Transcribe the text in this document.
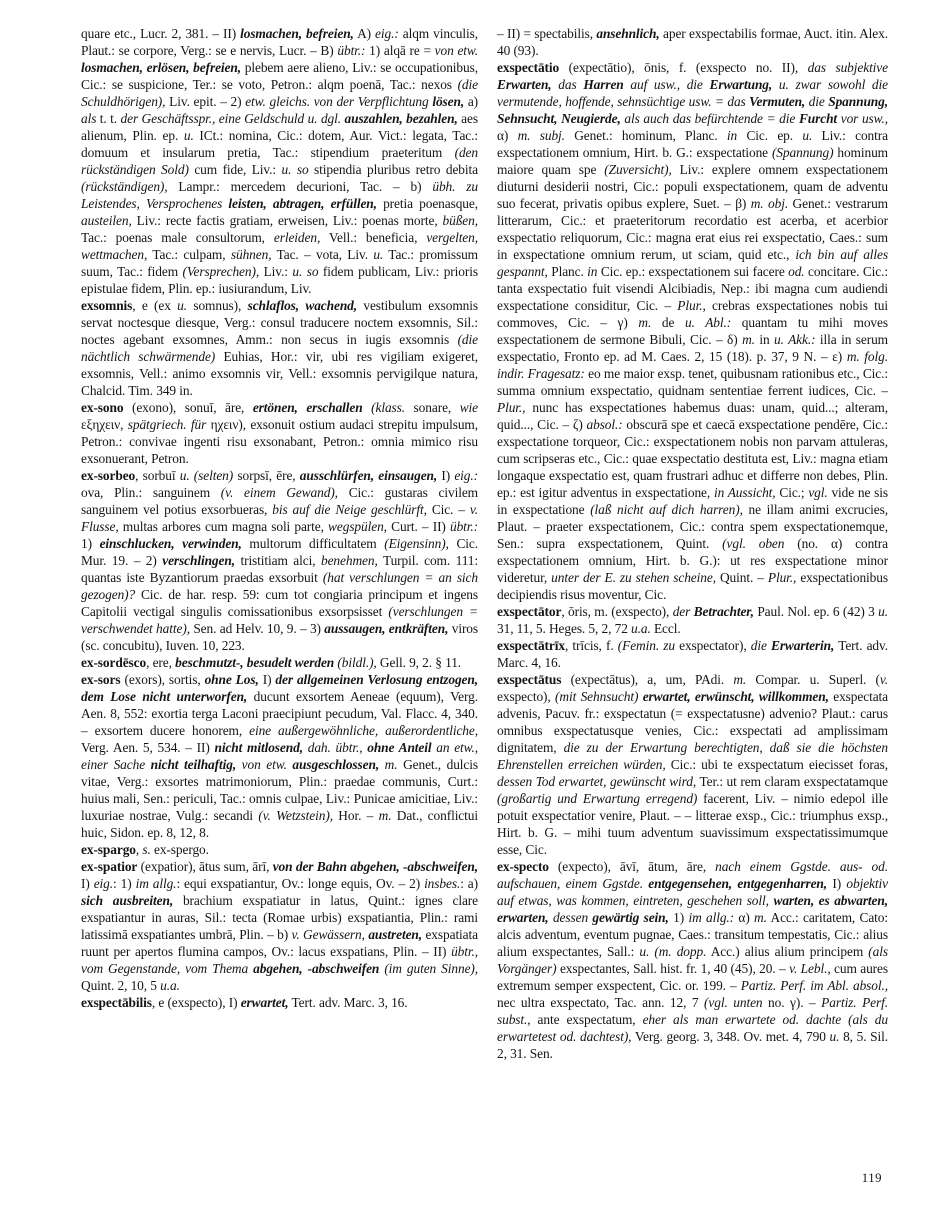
quare etc., Lucr. 2, 381. – II) losmachen, befreien, A) eig.: alqm vinculis, Plaut.: se corpore, Verg.: se e nervis, Lucr. – B) übtr.: 1) alqā re = von etw. losmachen, erlösen, befreien, plebem aere alieno, Liv.: se occupationibus, Cic.: se suspicione, Ter.: se voto, Petron.: alqm poenā, Tac.: nexos (die Schuldhörigen), Liv. epit. – 2) etw. gleichs. von der Verpflichtung lösen, a) als t. t. der Geschäftsspr., eine Geldschuld u. dgl. auszahlen, bezahlen, aes alienum, Plin. ep. u. ICt.: nomina, Cic.: dotem, Aur. Vict.: legata, Tac.: domuum et insularum pretia, Tac.: stipendium praeteritum (den rückständigen Sold) cum fide, Liv.: u. so stipendia pluribus retro debita (rückständigen), Lampr.: mercedem decurioni, Tac. – b) übh. zu Leistendes, Versprochenes leisten, abtragen, erfüllen, pretia poenasque, austeilen, Liv.: recte factis gratiam, erweisen, Liv.: poenas morte, büßen, Tac.: poenas male consultorum, erleiden, Vell.: beneficia, vergelten, wettmachen, Tac.: culpam, sühnen, Tac. – vota, Liv. u. Tac.: promissum suum, Tac.: fidem (Versprechen), Liv.: u. so fidem publicam, Liv.: prioris epistulae fidem, Plin. ep.: iusiurandum, Liv.

exsomnis, e (ex u. somnus), schlaflos, wachend, vestibulum exsomnis servat noctesque diesque, Verg.: consul traducere noctem exsomnis, Sil.: noctes agebant exsomnes, Amm.: non secus in iugis exsomnis (die nächtlich schwärmende) Euhias, Hor.: vir, ubi res vigiliam exigeret, exsomnis, Vell.: animo exsomnis vir, Vell.: exsomnis pervigilque natura, Chalcid. Tim. 349 in.

ex-sono (exono), sonuī, āre, ertönen, erschallen (klass. sonare, wie εξηχειν, spätgriech. für ηχειν), exsonuit ostium audaci strepitu impulsum, Petron.: convivae ingenti risu exsonabant, Petron.: omnia mimico risu exsonuerant, Petron.

ex-sorbeo, sorbuī u. (selten) sorpsī, ēre, ausschlürfen, einsaugen, I) eig.: ova, Plin.: sanguinem (v. einem Gewand), Cic.: gustaras civilem sanguinem vel potius exsorbueras, bis auf die Neige geschlürft, Cic. – v. Flusse, multas arbores cum magna soli parte, wegspülen, Curt. – II) übtr.: 1) einschlucken, verwinden, multorum difficultatem (Eigensinn), Cic. Mur. 19. – 2) verschlingen, tristitiam alci, benehmen, Turpil. com. 111: quantas iste Byzantiorum praedas exsorbuit (hat verschlungen = an sich gezogen)? Cic. de har. resp. 59: cum tot congiaria principum et ingens Capitolii vectigal singulis comissationibus exsorpsisset (verschlungen = verschwendet hatte), Sen. ad Helv. 10, 9. – 3) aussaugen, entkräften, viros (sc. concubitu), Iuven. 10, 223.

ex-sordēsco, ere, beschmutzt-, besudelt werden (bildl.), Gell. 9, 2. § 11.

ex-sors (exors), sortis, ohne Los, I) der allgemeinen Verlosung entzogen, dem Lose nicht unterworfen, ducunt exsortem Aeneae (equum), Verg. Aen. 8, 552: exortia terga Laconi praecipiunt pecudum, Val. Flacc. 4, 340. – exsortem ducere honorem, eine außergewöhnliche, außerordentliche, Verg. Aen. 5, 534. – II) nicht mitlosend, dah. übtr., ohne Anteil an etw., einer Sache nicht teilhaftig, von etw. ausgeschlossen, m. Genet., dulcis vitae, Verg.: exsortes matrimoniorum, Plin.: praedae communis, Curt.: huius mali, Sen.: periculi, Tac.: omnis culpae, Liv.: Punicae amicitiae, Liv.: luxuriae nostrae, Vulg.: secandi (v. Wetzstein), Hor. – m. Dat., conflictui huic, Sidon. ep. 8, 12, 8.

ex-spargo, s. ex-spergo.

ex-spatior (expatior), ātus sum, ārī, von der Bahn abgehen, -abschweifen, I) eig.: 1) im allg.: equi exspatiantur, Ov.: longe equis, Ov. – 2) insbes.: a) sich ausbreiten, brachium exspatiatur in latus, Quint.: ignes clare exspatiantur in auras, Sil.: tecta (Romae urbis) exspatiantia, Plin.: rami latissimā exspatiantes umbrā, Plin. – b) v. Gewässern, austreten, exspatiata ruunt per apertos flumina campos, Ov.: lacus exspatians, Plin. – II) übtr., vom Gegenstande, vom Thema abgehen, -abschweifen (im guten Sinne), Quint. 2, 10, 5 u.a.

exspectābilis, e (exspecto), I) erwartet, Tert. adv. Marc. 3, 16.

– II) = spectabilis, ansehnlich, aper exspectabilis formae, Auct. itin. Alex. 40 (93).

exspectātio (expectātio), ōnis, f. (exspecto no. II), das subjektive Erwarten, das Harren auf usw., die Erwartung, u. zwar sowohl die vermutende, hoffende, sehnsüchtige usw. = das Vermuten, die Spannung, Sehnsucht, Neugierde, als auch das befürchtende = die Furcht vor usw., α) m. subj. Genet.: hominum, Planc. in Cic. ep. u. Liv.: contra exspectationem omnium, Hirt. b. G.: exspectatione (Spannung) hominum maiore quam spe (Zuversicht), Liv.: explere omnem exspectationem diuturni desiderii nostri, Cic.: populi exspectationem, quam de adventu suo fecerat, privatis opibus explere, Suet. – β) m. obj. Genet.: vestrarum litterarum, Cic.: et praeteritorum recordatio est acerba, et acerbior exspectatio reliquorum, Cic.: magna erat eius rei exspectatio, Caes.: sum in exspectatione omnium rerum, ut sciam, quid etc., ich bin auf alles gespannt, Planc. in Cic. ep.: exspectationem sui facere od. concitare. Cic.: tanta exspectatio fuit visendi Alcibiadis, Nep.: ibi magna cum audiendi exspectatione considitur, Cic. – Plur., crebras exspectationes nobis tui commoves, Cic. – γ) m. de u. Abl.: quantam tu mihi moves exspectationem de sermone Bibuli, Cic. – δ) m. in u. Akk.: illa in serum exspectatio, Fronto ep. ad M. Caes. 2, 15 (18). p. 37, 9 N. – ε) m. folg. indir. Fragesatz: eo me maior exsp. tenet, quibusnam rationibus etc., Cic.: summa omnium exspectatio, quidnam sententiae ferrent iudices, Cic. – Plur., nunc has exspectationes habemus duas: unam, quid...; alteram, quid..., Cic. – ζ) absol.: obscurā spe et caecā exspectatione pendēre, Cic.: exspectatione torqueor, Cic.: exspectationem nobis non parvam attuleras, cum scripseras etc., Cic.: quae exspectatio destituta est, Liv.: magna etiam longaque exspectatio est, quam frustrari adhuc et differre non debes, Plin. ep.: est igitur adventus in exspectatione, in Aussicht, Cic.; vgl. vide ne sis in exspectatione (laß nicht auf dich harren), ne illam animi excrucies, Plaut. – praeter exspectationem, Cic.: contra spem exspectationemque, Sen.: supra exspectationem, Quint. (vgl. oben (no. α) contra exspectationem omnium, Hirt. b. G.): ut res exspectatione minor videretur, unter der E. zu stehen scheine, Quint. – Plur., exspectationibus decipiendis risus moventur, Cic.

exspectātor, ōris, m. (exspecto), der Betrachter, Paul. Nol. ep. 6 (42) 3 u. 31, 11, 5. Heges. 5, 2, 72 u.a. Eccl.

exspectātrīx, trīcis, f. (Femin. zu exspectator), die Erwarterin, Tert. adv. Marc. 4, 16.

exspectātus (expectātus), a, um, PAdi. m. Compar. u. Superl. (v. exspecto), (mit Sehnsucht) erwartet, erwünscht, willkommen, exspectata advenis, Pacuv. fr.: exspectatun (= exspectatusne) advenio? Plaut.: carus omnibus exspectatusque venies, Cic.: exspectati ad amplissimam dignitatem, die zu der Erwartung berechtigten, daß sie die höchsten Ehrenstellen erreichen würden, Cic.: ubi te exspectatum eiecisset foras, dessen Tod erwartet, gewünscht wird, Ter.: ut rem claram exspectatamque (großartig und Erwartung erregend) facerent, Liv. – nimio edepol ille potuit exspectatior venire, Plaut. – – litterae exsp., Cic.: triumphus exsp., Hirt. b. G. – mihi tuum adventum suavissimum exspectatissimumque esse, Cic.

ex-specto (expecto), āvī, ātum, āre, nach einem Ggstde. aus- od. aufschauen, einem Ggstde. entgegensehen, entgegenharren, I) objektiv auf etwas, was kommen, eintreten, geschehen soll, warten, es abwarten, erwarten, dessen gewärtig sein, 1) im allg.: α) m. Acc.: caritatem, Cato: alcis adventum, eventum pugnae, Caes.: transitum tempestatis, Cic.: alius alium exspectantes, Sall.: u. (m. dopp. Acc.) alius alium principem (als Vorgänger) exspectantes, Sall. hist. fr. 1, 40 (45), 20. – v. Lebl., cum aures extremum semper exspectent, Cic. or. 199. – Partiz. Perf. im Abl. absol., nec ultra exspectato, Tac. ann. 12, 7 (vgl. unten no. γ). – Partiz. Perf. subst., ante exspectatum, eher als man erwartete od. dachte (als du erwartetest od. dachtest), Verg. georg. 3, 348. Ov. met. 4, 790 u. 8, 5. Sil. 2, 31. Sen.

119
